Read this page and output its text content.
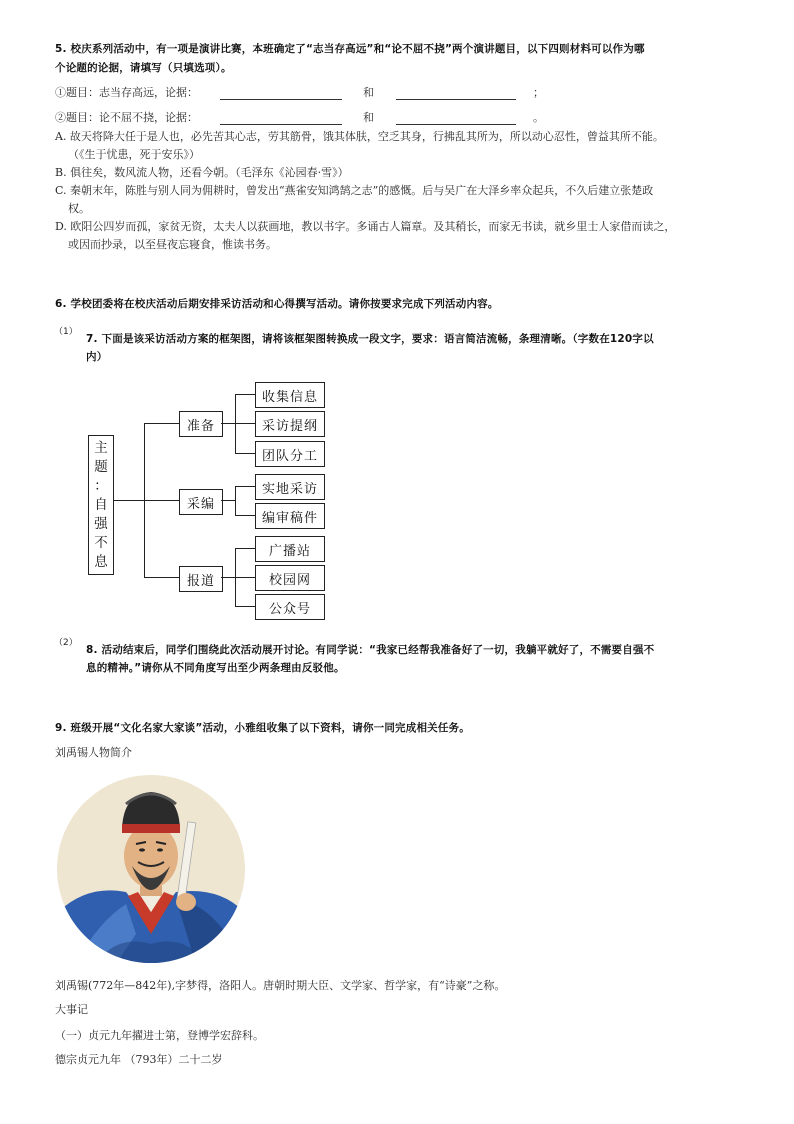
5. 校庆系列活动中，有一项是演讲比赛，本班确定了“志当存高远”和“论不屈不挠”两个演讲题目，以下四则材料可以作为哪
个论题的论据，请填写（只填选项）。
①题目：志当存高远，论据：	和	；
②题目：论不屈不挠，论据：	和	。
A. 故天将降大任于是人也，必先苦其心志，劳其筋骨，饿其体肤，空乏其身，行拂乱其所为，所以动心忍性，曾益其所不能。
（《生于忧患，死于安乐》）
B. 俱往矣，数风流人物，还看今朝。（毛泽东《沁园春·雪》）
C. 秦朝末年，陈胜与别人同为佣耕时，曾发出“燕雀安知鸿鹄之志”的感慨。后与吴广在大泽乡率众起兵，不久后建立张楚政
权。
D. 欧阳公四岁而孤，家贫无资，太夫人以荻画地，教以书字。多诵古人篇章。及其稍长，而家无书读，就乡里士人家借而读之，
或因而抄录，以至昼夜忘寝食，惟读书务。
6. 学校团委将在校庆活动后期安排采访活动和心得撰写活动。请你按要求完成下列活动内容。
（1）
7. 下面是该采访活动方案的框架图，请将该框架图转换成一段文字，要求：语言简洁流畅，条理清晰。（字数在120字以
内）
主
题
：
自
强
不
息
准备
采编
报道
收集信息
采访提纲
团队分工
实地采访
编审稿件
广播站
校园网
公众号
（2）
8. 活动结束后，同学们围绕此次活动展开讨论。有同学说：“我家已经帮我准备好了一切，我躺平就好了，不需要自强不
息的精神。”请你从不同角度写出至少两条理由反驳他。
9. 班级开展“文化名家大家谈”活动，小雅组收集了以下资料，请你一同完成相关任务。
刘禹锡人物简介
刘禹锡(772年—842年),字梦得，洛阳人。唐朝时期大臣、文学家、哲学家，有“诗豪”之称。
大事记
（一）贞元九年擢进士第，登博学宏辞科。
德宗贞元九年 （793年）二十二岁
